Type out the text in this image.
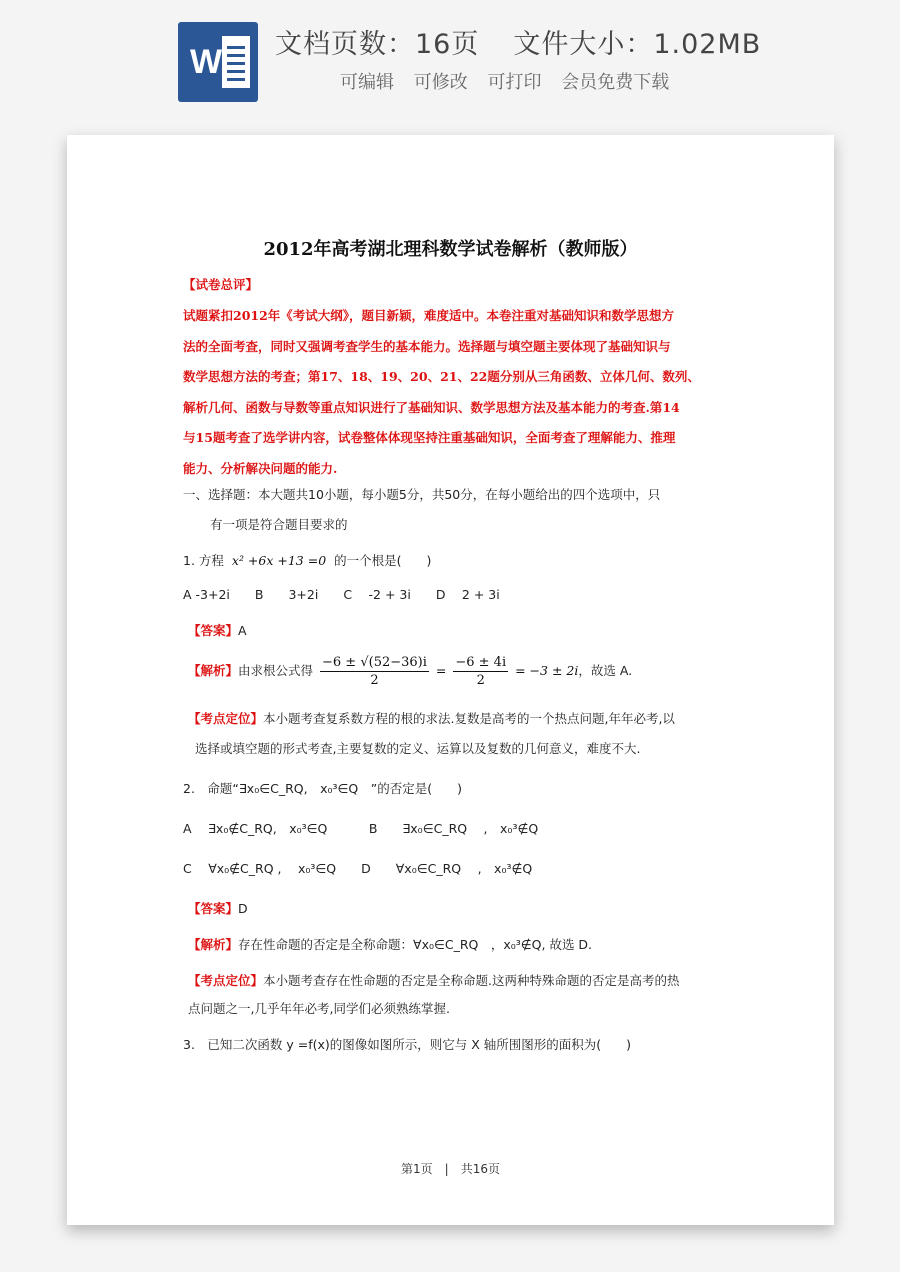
W 文档页数：16页 文件大小：1.02MB
可编辑 可修改 可打印 会员免费下载
2012年高考湖北理科数学试卷解析（教师版）
【试卷总评】

试题紧扣2012年《考试大纲》，题目新颖，难度适中。本卷注重对基础知识和数学思想方

法的全面考查，同时又强调考查学生的基本能力。选择题与填空题主要体现了基础知识与

数学思想方法的考查；第17、18、19、20、21、22题分别从三角函数、立体几何、数列、

解析几何、函数与导数等重点知识进行了基础知识、数学思想方法及基本能力的考查.第14

与15题考查了选学讲内容，试卷整体体现坚持注重基础知识，全面考查了理解能力、推理

能力、分析解决问题的能力.

一、选择题：本大题共10小题，每小题5分，共50分，在每小题给出的四个选项中，只
有一项是符合题目要求的
1. 方程 x² +6x +13 =0 的一个根是(　　)
A -3+2i　　B　　3+2i　　C　 -2 + 3i　　D　 2 + 3i
【答案】A
【解析】由求根公式得 $\frac{-6 \pm √(52-36)i}{2} = \frac{-6 \pm 4i}{2} = -3 \pm 2i$，故选 A.
【考点定位】本小题考查复系数方程的根的求法.复数是高考的一个热点问题,年年必考,以
选择或填空题的形式考查,主要复数的定义、运算以及复数的几何意义，难度不大.
2.　命题“∃x₀∈C_RQ,　x₀³∈Q　”的否定是(　　)
A　 ∃x₀∉C_RQ,　x₀³∈Q　　　 B　　∃x₀∈C_RQ　 ,　x₀³∉Q
C　 ∀x₀∉C_RQ ,　 x₀³∈Q　　D　　∀x₀∈C_RQ　 ,　x₀³∉Q
【答案】D
【解析】存在性命题的否定是全称命题：∀x₀∈C_RQ　，x₀³∉Q, 故选 D.
【考点定位】本小题考查存在性命题的否定是全称命题.这两种特殊命题的否定是高考的热
点问题之一,几乎年年必考,同学们必须熟练掌握.
3.　已知二次函数 y =f(x)的图像如图所示，则它与 X 轴所围图形的面积为(　　)
第1页　|　共16页
